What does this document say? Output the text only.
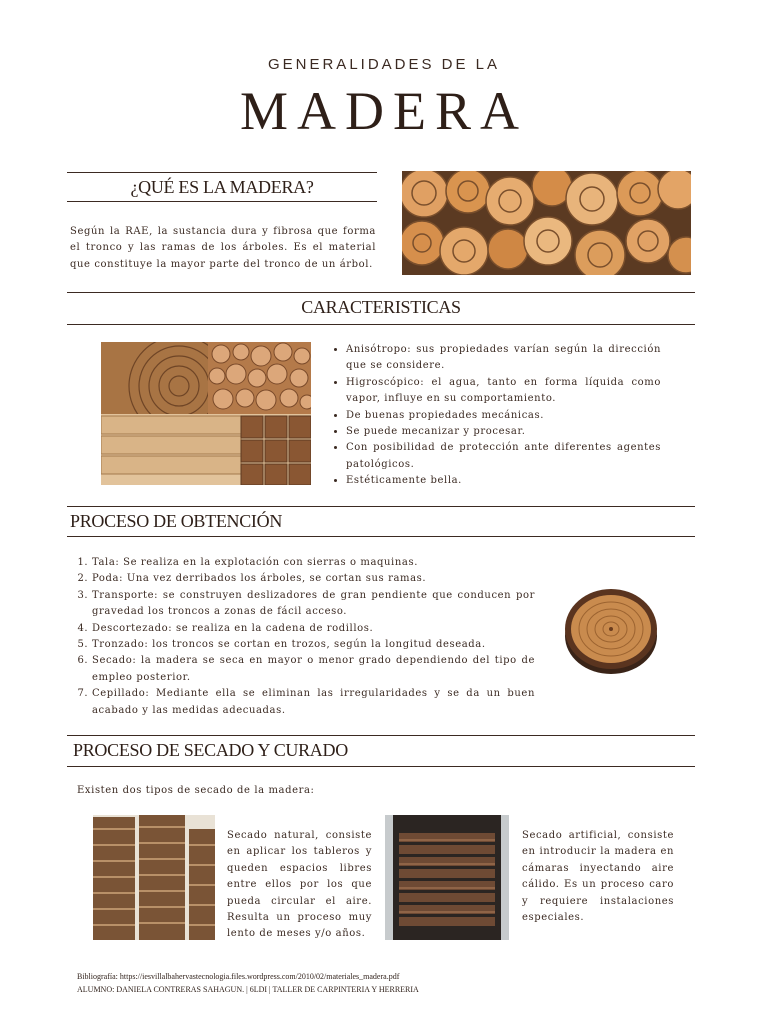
GENERALIDADES DE LA
MADERA
¿QUÉ ES LA MADERA?
Según la RAE, la sustancia dura y fibrosa que forma el tronco y las ramas de los árboles. Es el material que constituye la mayor parte del tronco de un árbol.
CARACTERISTICAS
• Anisótropo: sus propiedades varían según la dirección que se considere.
• Higroscópico: el agua, tanto en forma líquida como vapor, influye en su comportamiento.
• De buenas propiedades mecánicas.
• Se puede mecanizar y procesar.
• Con posibilidad de protección ante diferentes agentes patológicos.
• Estéticamente bella.
PROCESO DE OBTENCIÓN
1. Tala: Se realiza en la explotación con sierras o maquinas.
2. Poda: Una vez derribados los árboles, se cortan sus ramas.
3. Transporte: se construyen deslizadores de gran pendiente que conducen por gravedad los troncos a zonas de fácil acceso.
4. Descortezado: se realiza en la cadena de rodillos.
5. Tronzado: los troncos se cortan en trozos, según la longitud deseada.
6. Secado: la madera se seca en mayor o menor grado dependiendo del tipo de empleo posterior.
7. Cepillado: Mediante ella se eliminan las irregularidades y se da un buen acabado y las medidas adecuadas.
PROCESO DE SECADO Y CURADO
Existen dos tipos de secado de la madera:
Secado natural, consiste en aplicar los tableros y queden espacios libres entre ellos por los que pueda circular el aire. Resulta un proceso muy lento de meses y/o años.
Secado artificial, consiste en introducir la madera en cámaras inyectando aire cálido. Es un proceso caro y requiere instalaciones especiales.
Bibliografía: https://iesvillalbahervastecnologia.files.wordpress.com/2010/02/materiales_madera.pdf
ALUMNO: DANIELA CONTRERAS SAHAGUN. | 6LDI | TALLER DE CARPINTERIA Y HERRERIA
